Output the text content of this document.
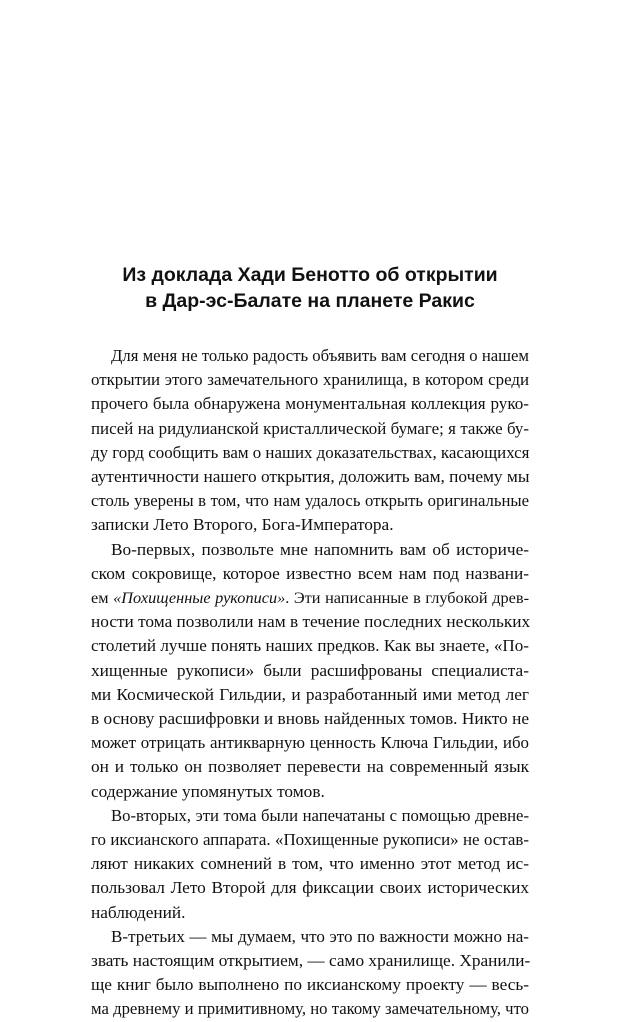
Из доклада Хади Бенотто об открытии
в Дар-эс-Балате на планете Ракис

Для меня не только радость объявить вам сегодня о нашем
открытии этого замечательного хранилища, в котором среди
прочего была обнаружена монументальная коллекция руко-
писей на ридулианской кристаллической бумаге; я также бу-
ду горд сообщить вам о наших доказательствах, касающихся
аутентичности нашего открытия, доложить вам, почему мы
столь уверены в том, что нам удалось открыть оригинальные
записки Лето Второго, Бога-Императора.

Во-первых, позвольте мне напомнить вам об историче-
ском сокровище, которое известно всем нам под названи-
ем «Похищенные рукописи». Эти написанные в глубокой древ-
ности тома позволили нам в течение последних нескольких
столетий лучше понять наших предков. Как вы знаете, «По-
хищенные рукописи» были расшифрованы специалиста-
ми Космической Гильдии, и разработанный ими метод лег
в основу расшифровки и вновь найденных томов. Никто не
может отрицать антикварную ценность Ключа Гильдии, ибо
он и только он позволяет перевести на современный язык
содержание упомянутых томов.

Во-вторых, эти тома были напечатаны с помощью древне-
го иксианского аппарата. «Похищенные рукописи» не остав-
ляют никаких сомнений в том, что именно этот метод ис-
пользовал Лето Второй для фиксации своих исторических
наблюдений.

В-третьих — мы думаем, что это по важности можно на-
звать настоящим открытием, — само хранилище. Хранили-
ще книг было выполнено по иксианскому проекту — весь-
ма древнему и примитивному, но такому замечательному, что
